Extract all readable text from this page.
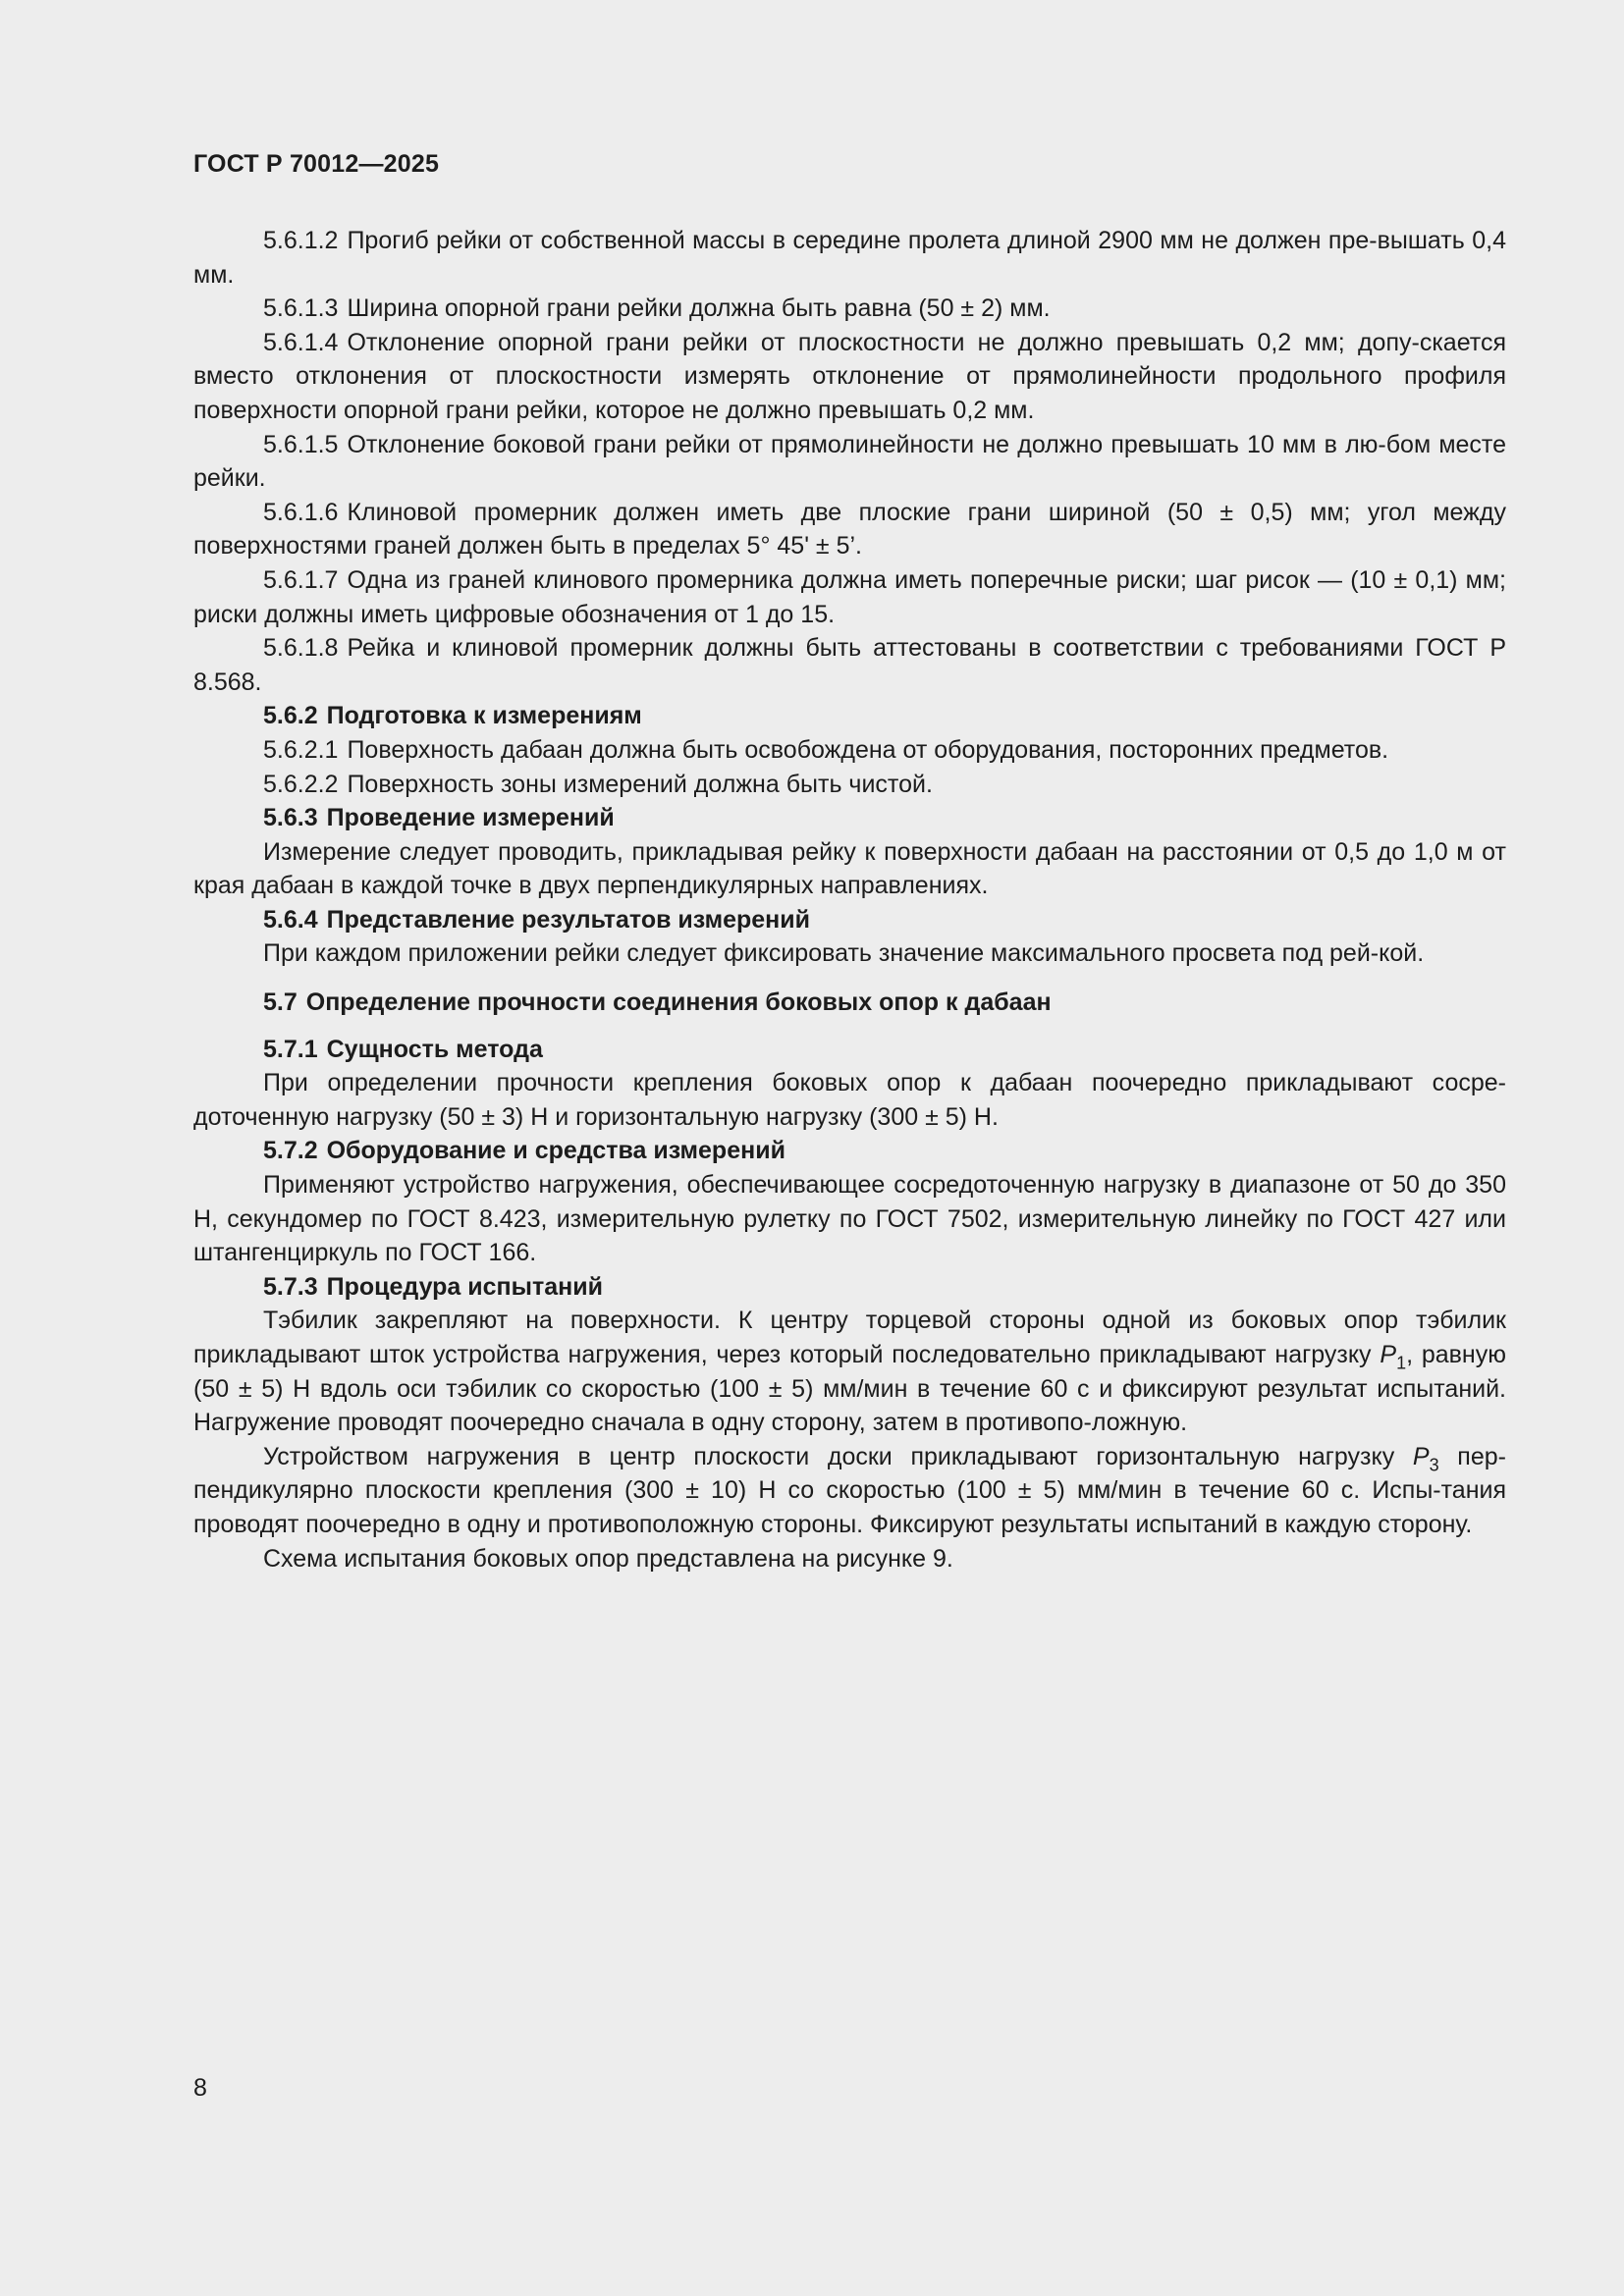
ГОСТ Р 70012—2025

5.6.1.2 Прогиб рейки от собственной массы в середине пролета длиной 2900 мм не должен пре-вышать 0,4 мм.

5.6.1.3 Ширина опорной грани рейки должна быть равна (50 ± 2) мм.

5.6.1.4 Отклонение опорной грани рейки от плоскостности не должно превышать 0,2 мм; допу-скается вместо отклонения от плоскостности измерять отклонение от прямолинейности продольного профиля поверхности опорной грани рейки, которое не должно превышать 0,2 мм.

5.6.1.5 Отклонение боковой грани рейки от прямолинейности не должно превышать 10 мм в лю-бом месте рейки.

5.6.1.6 Клиновой промерник должен иметь две плоские грани шириной (50 ± 0,5) мм; угол между поверхностями граней должен быть в пределах 5° 45' ± 5’.

5.6.1.7 Одна из граней клинового промерника должна иметь поперечные риски; шаг рисок — (10 ± 0,1) мм; риски должны иметь цифровые обозначения от 1 до 15.

5.6.1.8 Рейка и клиновой промерник должны быть аттестованы в соответствии с требованиями ГОСТ Р 8.568.

5.6.2 Подготовка к измерениям

5.6.2.1 Поверхность дабаан должна быть освобождена от оборудования, посторонних предметов.

5.6.2.2 Поверхность зоны измерений должна быть чистой.

5.6.3 Проведение измерений

Измерение следует проводить, прикладывая рейку к поверхности дабаан на расстоянии от 0,5 до 1,0 м от края дабаан в каждой точке в двух перпендикулярных направлениях.

5.6.4 Представление результатов измерений

При каждом приложении рейки следует фиксировать значение максимального просвета под рей-кой.

5.7 Определение прочности соединения боковых опор к дабаан

5.7.1 Сущность метода

При определении прочности крепления боковых опор к дабаан поочередно прикладывают сосре-доточенную нагрузку (50 ± 3) Н и горизонтальную нагрузку (300 ± 5) Н.

5.7.2 Оборудование и средства измерений

Применяют устройство нагружения, обеспечивающее сосредоточенную нагрузку в диапазоне от 50 до 350 Н, секундомер по ГОСТ 8.423, измерительную рулетку по ГОСТ 7502, измерительную линейку по ГОСТ 427 или штангенциркуль по ГОСТ 166.

5.7.3 Процедура испытаний

Тэбилик закрепляют на поверхности. К центру торцевой стороны одной из боковых опор тэбилик прикладывают шток устройства нагружения, через который последовательно прикладывают нагрузку $P_1$, равную (50 ± 5) Н вдоль оси тэбилик со скоростью (100 ± 5) мм/мин в течение 60 с и фиксируют результат испытаний. Нагружение проводят поочередно сначала в одну сторону, затем в противопо-ложную.

Устройством нагружения в центр плоскости доски прикладывают горизонтальную нагрузку $P_3$ пер-пендикулярно плоскости крепления (300 ± 10) Н со скоростью (100 ± 5) мм/мин в течение 60 с. Испы-тания проводят поочередно в одну и противоположную стороны. Фиксируют результаты испытаний в каждую сторону.

Схема испытания боковых опор представлена на рисунке 9.

8
